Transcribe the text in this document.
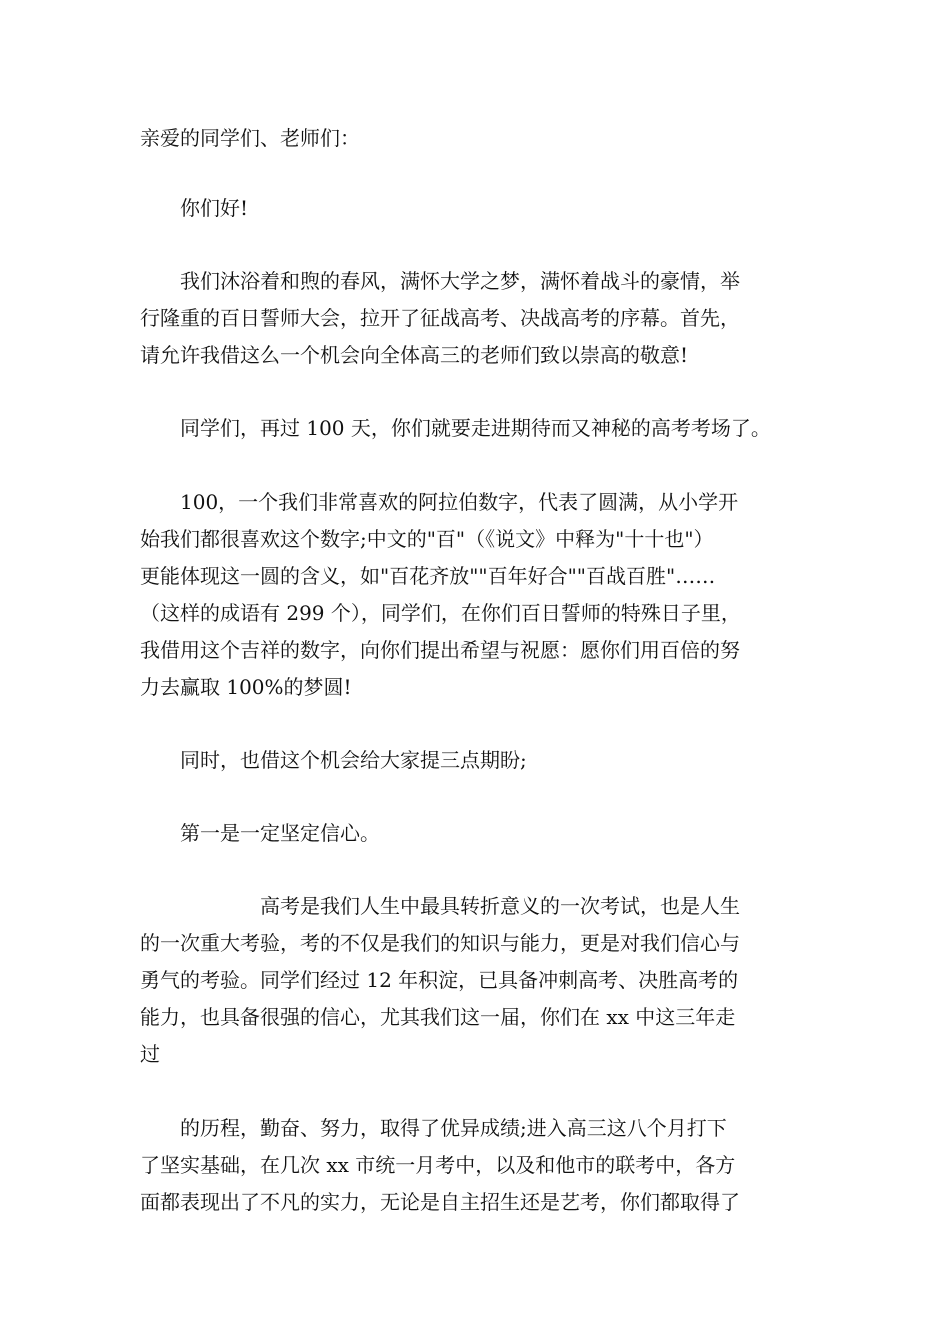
亲爱的同学们、老师们：
　　你们好!
　　我们沐浴着和煦的春风，满怀大学之梦，满怀着战斗的豪情，举
行隆重的百日誓师大会，拉开了征战高考、决战高考的序幕。首先，
请允许我借这么一个机会向全体高三的老师们致以崇高的敬意!
　　同学们，再过 100 天，你们就要走进期待而又神秘的高考考场了。
　　100，一个我们非常喜欢的阿拉伯数字，代表了圆满，从小学开
始我们都很喜欢这个数字;中文的"百"（《说文》中释为"十十也"）
更能体现这一圆的含义，如"百花齐放""百年好合""百战百胜"……
（这样的成语有 299 个），同学们，在你们百日誓师的特殊日子里，
我借用这个吉祥的数字，向你们提出希望与祝愿：愿你们用百倍的努
力去赢取 100%的梦圆!
　　同时，也借这个机会给大家提三点期盼;
　　第一是一定坚定信心。
　　　　　　高考是我们人生中最具转折意义的一次考试，也是人生
的一次重大考验，考的不仅是我们的知识与能力，更是对我们信心与
勇气的考验。同学们经过 12 年积淀，已具备冲刺高考、决胜高考的
能力，也具备很强的信心，尤其我们这一届，你们在 xx 中这三年走
过
　　的历程，勤奋、努力，取得了优异成绩;进入高三这八个月打下
了坚实基础，在几次 xx 市统一月考中，以及和他市的联考中，各方
面都表现出了不凡的实力，无论是自主招生还是艺考，你们都取得了
